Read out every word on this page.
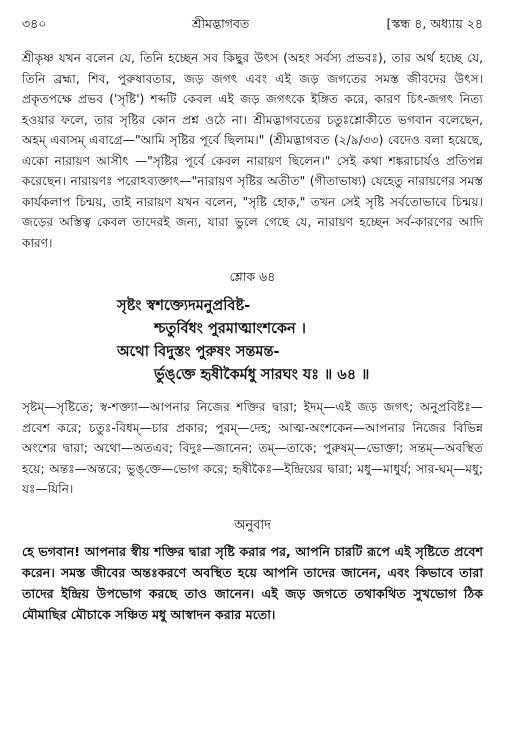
৩৪০	শ্রীমদ্ভাগবত	[স্কন্ধ ৪, অধ্যায় ২৪

শ্রীকৃষ্ণ যখন বলেন যে, তিনি হচ্ছেন সব কিছুর উৎস (অহং সর্বস্য প্রভবঃ), তার অর্থ হচ্ছে যে, তিনি ব্রহ্মা, শিব, পুরুষাবতার, জড় জগৎ এবং এই জড় জগতের সমস্ত জীবদের উৎস। প্রকৃতপক্ষে প্রভব ('সৃষ্টি') শব্দটি কেবল এই জড় জগৎকে ইঙ্গিত করে, কারণ চিৎ-জগৎ নিত্য হওয়ার ফলে, তার সৃষ্টির কোন প্রশ্ন ওঠে না। শ্রীমদ্ভাগবতের চতুঃশ্লোকীতে ভগবান বলেছেন, অহম্ এবাসম্ এবাগ্রে—"আমি সৃষ্টির পূর্বে ছিলাম।" (শ্রীমদ্ভাগবত (২/৯/৩৩) বেদেও বলা হয়েছে, একো নারায়ণ আসীৎ —"সৃষ্টির পূর্বে কেবল নারায়ণ ছিলেন।" সেই কথা শঙ্করাচার্যও প্রতিপন্ন করেছেন। নারায়ণঃ পরোঽব্যক্তাৎ—"নারায়ণ সৃষ্টির অতীত" (গীতাভাষ্য) যেহেতু নারায়ণের সমস্ত কার্যকলাপ চিন্ময়, তাই নারায়ণ যখন বলেন, "সৃষ্টি হোক," তখন সেই সৃষ্টি সর্বতোভাবে চিন্ময়। জড়ের অস্তিত্ব কেবল তাদেরই জন্য, যারা ভুলে গেছে যে, নারায়ণ হচ্ছেন সর্ব-কারণের আদি কারণ।

শ্লোক ৬৪
সৃষ্টং স্বশক্ত্যেদমনুপ্রবিষ্ট-
শ্চতুর্বিধং পুরমাত্মাংশকেন ।
অথো বিদুস্তং পুরুষং সন্তমন্ত-
র্ভুঙ্‌ক্তে হৃষীকৈর্মধু সারঘং যঃ ॥ ৬৪ ॥
সৃষ্টম্—সৃষ্টিতে; স্ব-শক্ত্যা—আপনার নিজের শক্তির দ্বারা; ইদম্—এই জড় জগৎ; অনুপ্রবিষ্টঃ—প্রবেশ করে; চতুঃ-বিধম্—চার প্রকার; পুরম্—দেহ; আত্ম-অংশকেন—আপনার নিজের বিভিন্ন অংশের দ্বারা; অথো—অতএব; বিদুঃ—জানেন; তম্—তাকে; পুরুষম্—ভোক্তা; সন্তম্—অবস্থিত হয়ে; অন্তঃ—অন্তরে; ভুঙ্‌ক্তে—ভোগ করে; হৃষীকৈঃ—ইন্দ্রিয়ের দ্বারা; মধু—মাধুর্য; সার-ঘম্—মধু; যঃ—যিনি।
অনুবাদ
হে ভগবান! আপনার স্বীয় শক্তির দ্বারা সৃষ্টি করার পর, আপনি চারটি রূপে এই সৃষ্টিতে প্রবেশ করেন। সমস্ত জীবের অন্তঃকরণে অবস্থিত হয়ে আপনি তাদের জানেন, এবং কিভাবে তারা তাদের ইন্দ্রিয় উপভোগ করছে তাও জানেন। এই জড় জগতে তথাকথিত সুখভোগ ঠিক মৌমাছির মৌচাকে সঞ্চিত মধু আস্বাদন করার মতো।
